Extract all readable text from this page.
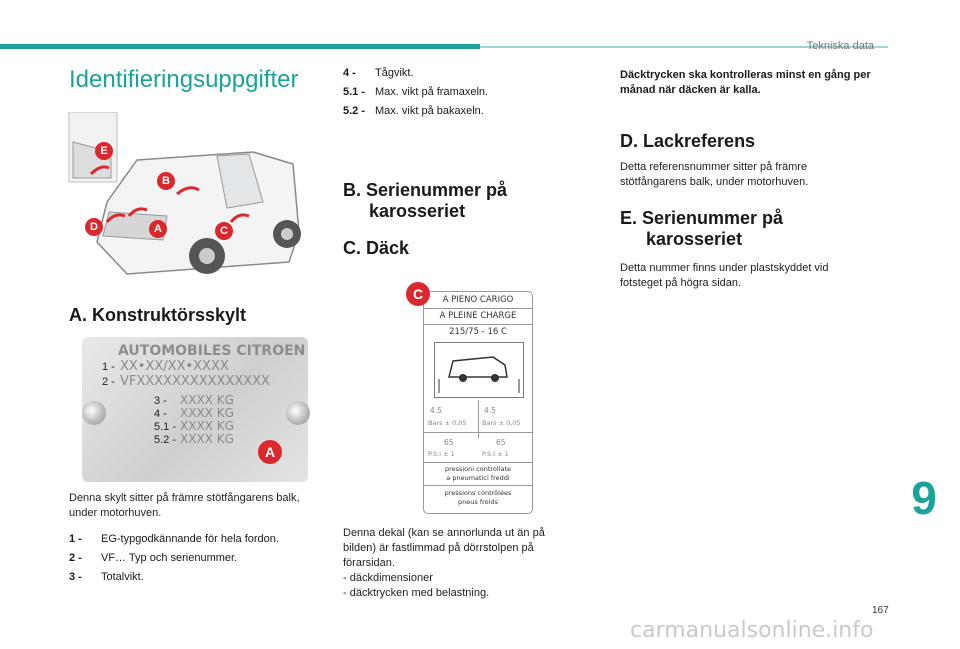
Tekniska data
9
167
carmanualsonline.info
Identifieringsuppgifter
E
B
D	A	C
A. Konstruktörsskylt
AUTOMOBILES CITROEN
1 - XX•XX/XX•XXXX
2 - VFXXXXXXXXXXXXXXX
3 - XXXX KG
4 - XXXX KG
5.1 - XXXX KG
5.2 - XXXX KG
A
Denna skylt sitter på främre stötfångarens balk, under motorhuven.
1 - EG-typgodkännande för hela fordon.
2 - VF… Typ och serienummer.
3 - Totalvikt.
4 - Tågvikt.
5.1 - Max. vikt på framaxeln.
5.2 - Max. vikt på bakaxeln.
B. Serienummer på
karosseriet
C. Däck
A PIENO CARIGO
A PLEINE CHARGE
215/75 - 16 C
4.5	4.5
Bars ± 0,05 Bars ± 0,05
65	65
P.S.I ± 1	P.S.I ± 1
pressioni controllate
a pneumatici freddi
pressions contrôlées
pneus froids
C
Denna dekal (kan se annorlunda ut än på bilden) är fastlimmad på dörrstolpen på förarsidan.
- däckdimensioner
- däcktrycken med belastning.
Däcktrycken ska kontrolleras minst en gång per månad när däcken är kalla.
D. Lackreferens
Detta referensnummer sitter på främre stötfångarens balk, under motorhuven.
E. Serienummer på
karosseriet
Detta nummer finns under plastskyddet vid fotsteget på högra sidan.
